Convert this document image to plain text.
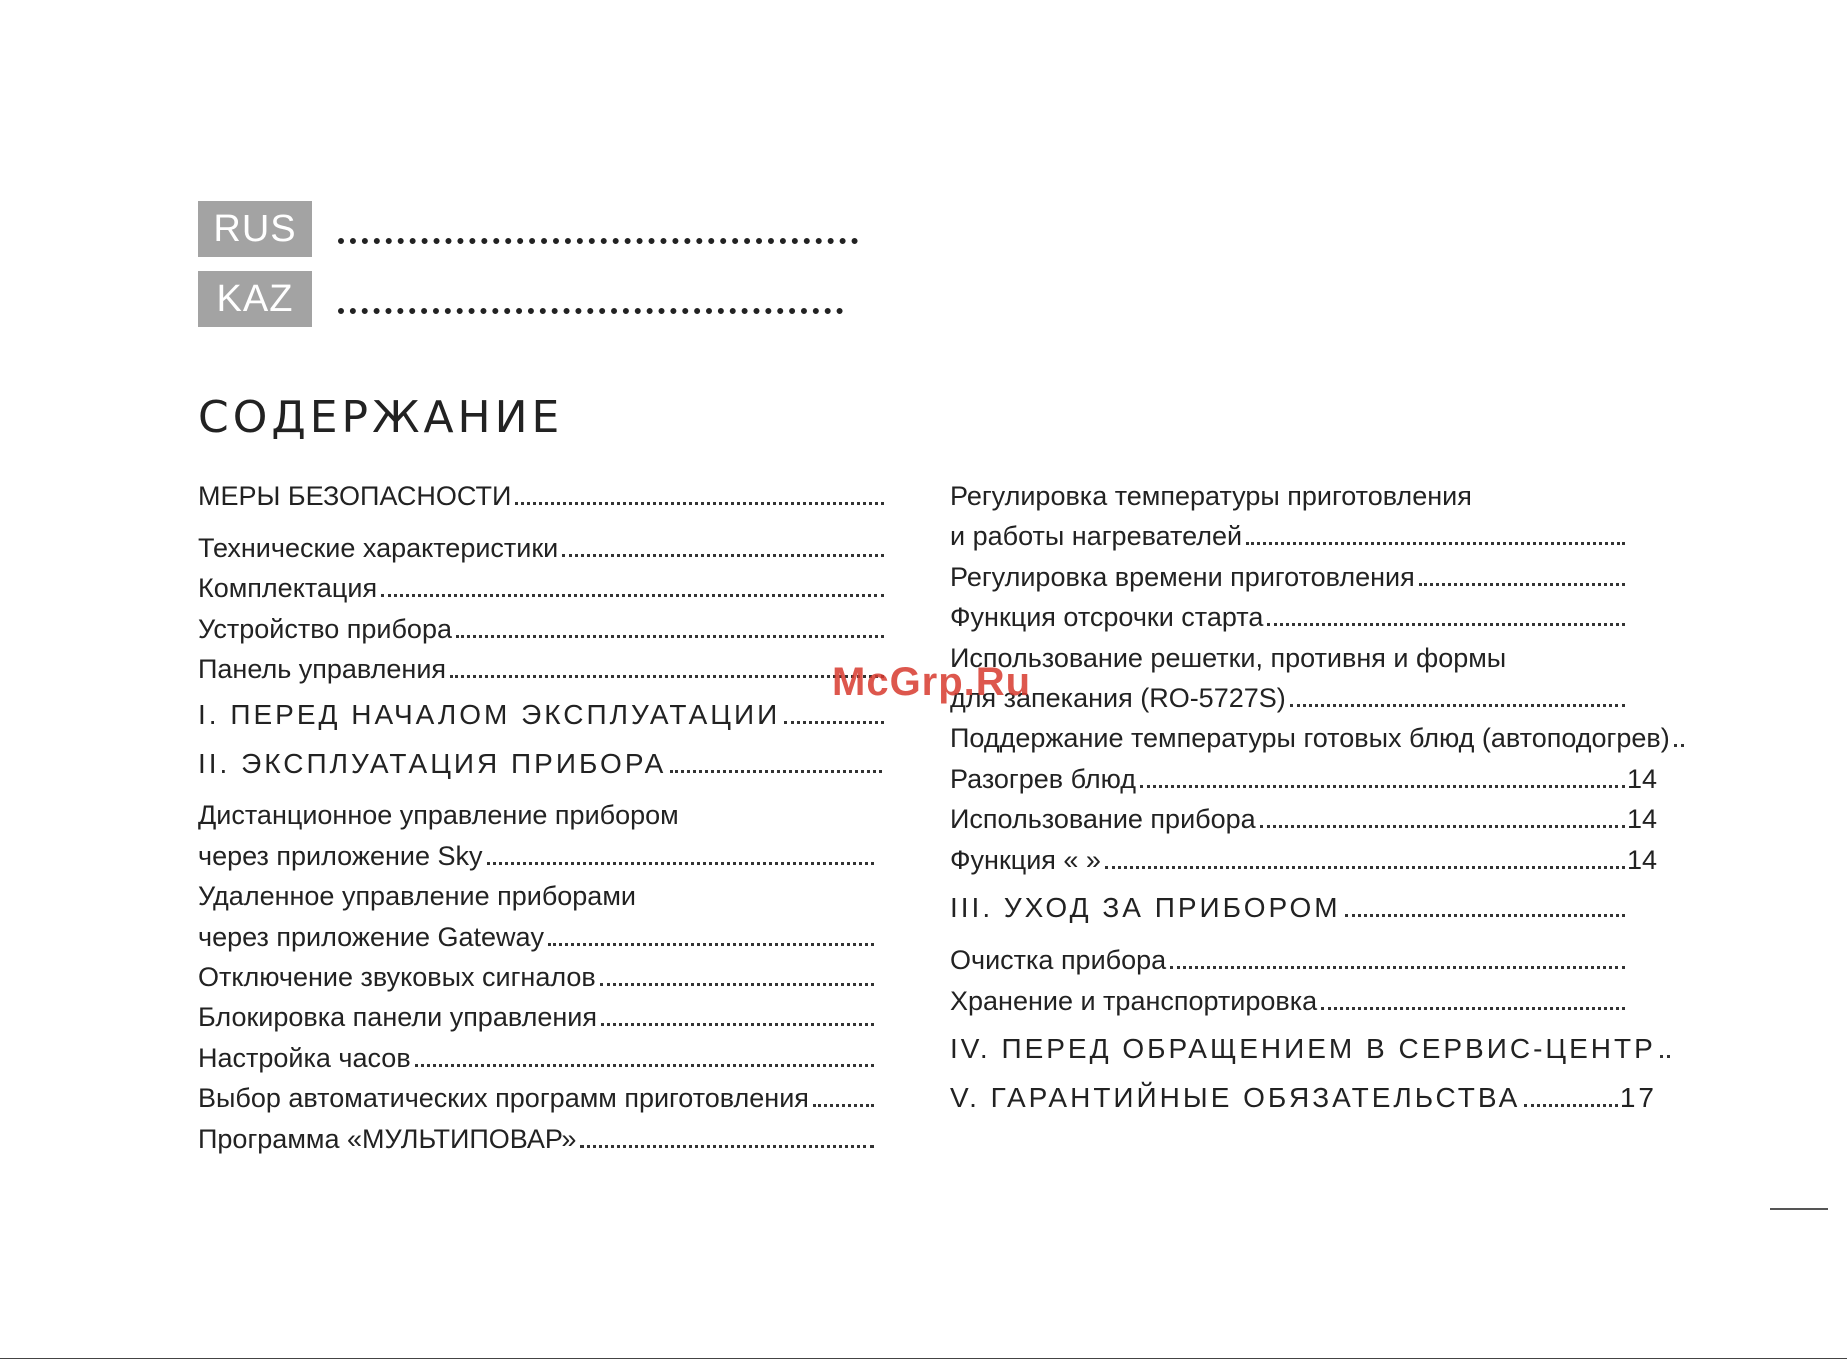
RUS
KAZ
СОДЕРЖАНИЕ
МЕРЫ БЕЗОПАСНОСТИ
Технические характеристики
Комплектация
Устройство прибора
Панель управления
I. ПЕРЕД НАЧАЛОМ ЭКСПЛУАТАЦИИ
II. ЭКСПЛУАТАЦИЯ ПРИБОРА
Дистанционное управление прибором
через приложение Sky
Удаленное управление приборами
через приложение Gateway
Отключение звуковых сигналов
Блокировка панели управления
Настройка часов
Выбор автоматических программ приготовления
Программа «МУЛЬТИПОВАР»
Регулировка температуры приготовления
и работы нагревателей
Регулировка времени приготовления
Функция отсрочки старта
Использование решетки, противня и формы
для запекания (RO-5727S)
Поддержание температуры готовых блюд (автоподогрев)
Разогрев блюд	14
Использование прибора	14
Функция « »	14
III. УХОД ЗА ПРИБОРОМ
Очистка прибора
Хранение и транспортировка
IV. ПЕРЕД ОБРАЩЕНИЕМ В СЕРВИС-ЦЕНТР
V. ГАРАНТИЙНЫЕ ОБЯЗАТЕЛЬСТВА	17
McGrp.Ru
